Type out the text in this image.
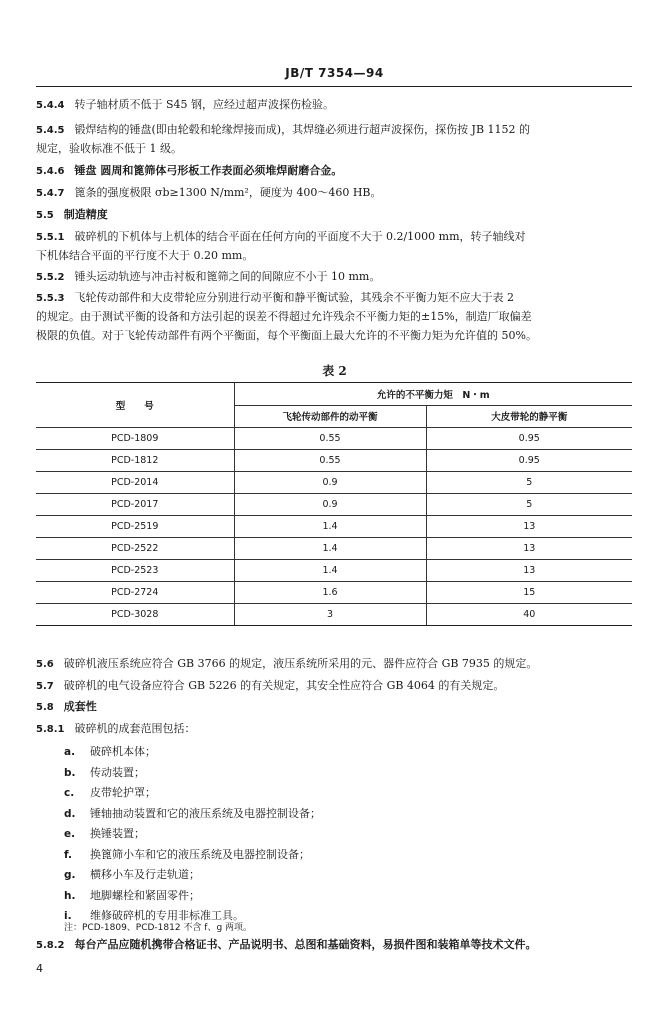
JB/T 7354—94
5.4.4 转子轴材质不低于 S45 钢，应经过超声波探伤检验。
5.4.5 锻焊结构的锤盘(即由轮毂和轮缘焊接而成)，其焊缝必须进行超声波探伤，探伤按 JB 1152 的
规定，验收标准不低于 1 级。
5.4.6 锤盘 圆周和篦筛体弓形板工作表面必须堆焊耐磨合金。
5.4.7 篦条的强度极限 σb≥1300 N/mm²，硬度为 400～460 HB。
5.5 制造精度
5.5.1 破碎机的下机体与上机体的结合平面在任何方向的平面度不大于 0.2/1000 mm，转子轴线对
下机体结合平面的平行度不大于 0.20 mm。
5.5.2 锤头运动轨迹与冲击衬板和篦筛之间的间隙应不小于 10 mm。
5.5.3 飞轮传动部件和大皮带轮应分别进行动平衡和静平衡试验，其残余不平衡力矩不应大于表 2
的规定。由于测试平衡的设备和方法引起的误差不得超过允许残余不平衡力矩的±15%，制造厂取偏差
极限的负值。对于飞轮传动部件有两个平衡面，每个平衡面上最大允许的不平衡力矩为允许值的 50%。
表 2
型　　号	允许的不平衡力矩　N・m	
	飞轮传动部件的动平衡	大皮带轮的静平衡
PCD-1809	0.55	0.95
PCD-1812	0.55	0.95
PCD-2014	0.9	5
PCD-2017	0.9	5
PCD-2519	1.4	13
PCD-2522	1.4	13
PCD-2523	1.4	13
PCD-2724	1.6	15
PCD-3028	3	40
5.6 破碎机液压系统应符合 GB 3766 的规定，液压系统所采用的元、器件应符合 GB 7935 的规定。
5.7 破碎机的电气设备应符合 GB 5226 的有关规定，其安全性应符合 GB 4064 的有关规定。
5.8 成套性
5.8.1 破碎机的成套范围包括：
a. 破碎机本体；
b. 传动装置；
c. 皮带轮护罩；
d. 锤轴抽动装置和它的液压系统及电器控制设备；
e. 换锤装置；
f. 换篦筛小车和它的液压系统及电器控制设备；
g. 横移小车及行走轨道；
h. 地脚螺栓和紧固零件；
i. 维修破碎机的专用非标准工具。
注：PCD-1809、PCD-1812 不含 f、g 两项。
5.8.2 每台产品应随机携带合格证书、产品说明书、总图和基础资料，易损件图和装箱单等技术文件。
4
